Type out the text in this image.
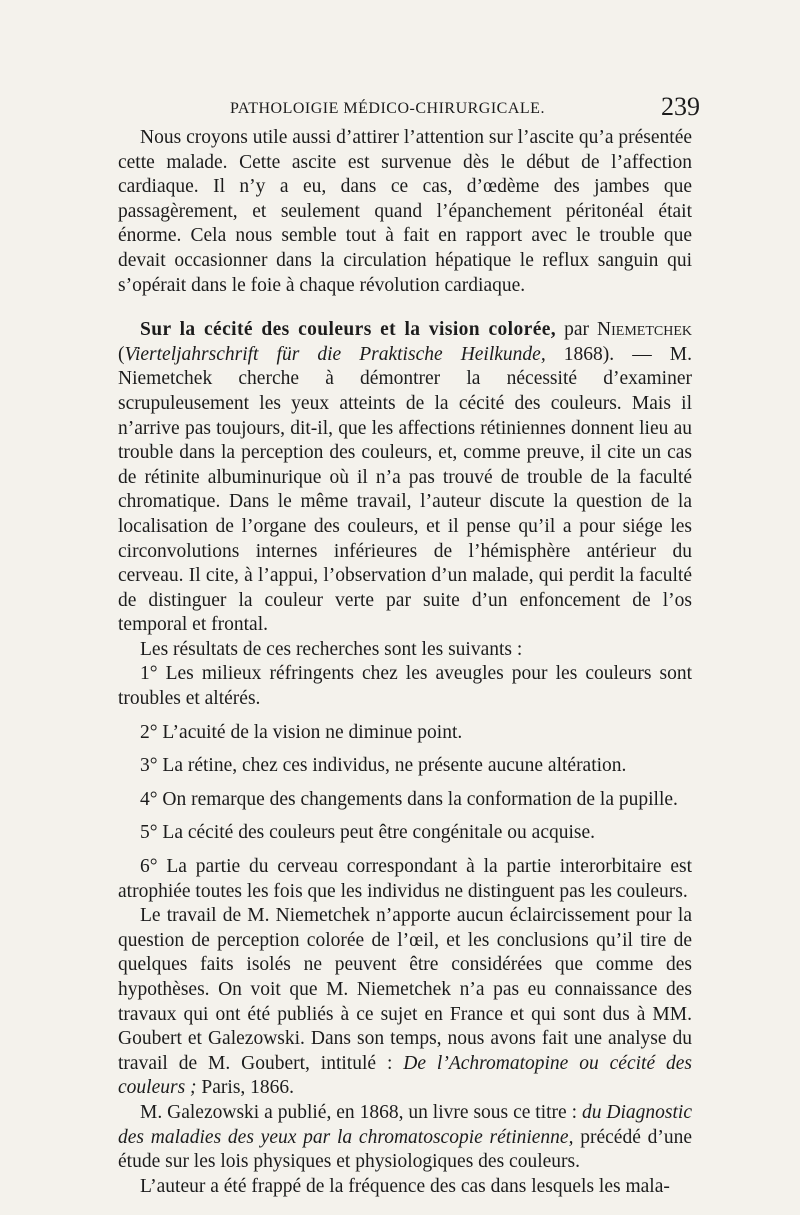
PATHOLOIGIE MÉDICO-CHIRURGICALE.	239

Nous croyons utile aussi d’attirer l’attention sur l’ascite qu’a présentée cette malade. Cette ascite est survenue dès le début de l’affection cardiaque. Il n’y a eu, dans ce cas, d’œdème des jambes que passagèrement, et seulement quand l’épanchement péritonéal était énorme. Cela nous semble tout à fait en rapport avec le trouble que devait occasionner dans la circulation hépatique le reflux sanguin qui s’opérait dans le foie à chaque révolution cardiaque.

Sur la cécité des couleurs et la vision colorée, par Niemetchek (Vierteljahrschrift für die Praktische Heilkunde, 1868). — M. Niemetchek cherche à démontrer la nécessité d’examiner scrupuleusement les yeux atteints de la cécité des couleurs. Mais il n’arrive pas toujours, dit-il, que les affections rétiniennes donnent lieu au trouble dans la perception des couleurs, et, comme preuve, il cite un cas de rétinite albuminurique où il n’a pas trouvé de trouble de la faculté chromatique. Dans le même travail, l’auteur discute la question de la localisation de l’organe des couleurs, et il pense qu’il a pour siége les circonvolutions internes inférieures de l’hémisphère antérieur du cerveau. Il cite, à l’appui, l’observation d’un malade, qui perdit la faculté de distinguer la couleur verte par suite d’un enfoncement de l’os temporal et frontal.

Les résultats de ces recherches sont les suivants :

1° Les milieux réfringents chez les aveugles pour les couleurs sont troubles et altérés.

2° L’acuité de la vision ne diminue point.

3° La rétine, chez ces individus, ne présente aucune altération.

4° On remarque des changements dans la conformation de la pupille.

5° La cécité des couleurs peut être congénitale ou acquise.

6° La partie du cerveau correspondant à la partie interorbitaire est atrophiée toutes les fois que les individus ne distinguent pas les couleurs.

Le travail de M. Niemetchek n’apporte aucun éclaircissement pour la question de perception colorée de l’œil, et les conclusions qu’il tire de quelques faits isolés ne peuvent être considérées que comme des hypothèses. On voit que M. Niemetchek n’a pas eu connaissance des travaux qui ont été publiés à ce sujet en France et qui sont dus à MM. Goubert et Galezowski. Dans son temps, nous avons fait une analyse du travail de M. Goubert, intitulé : De l’Achromatopine ou cécité des couleurs ; Paris, 1866.

M. Galezowski a publié, en 1868, un livre sous ce titre : du Diagnostic des maladies des yeux par la chromatoscopie rétinienne, précédé d’une étude sur les lois physiques et physiologiques des couleurs.

L’auteur a été frappé de la fréquence des cas dans lesquels les mala-
